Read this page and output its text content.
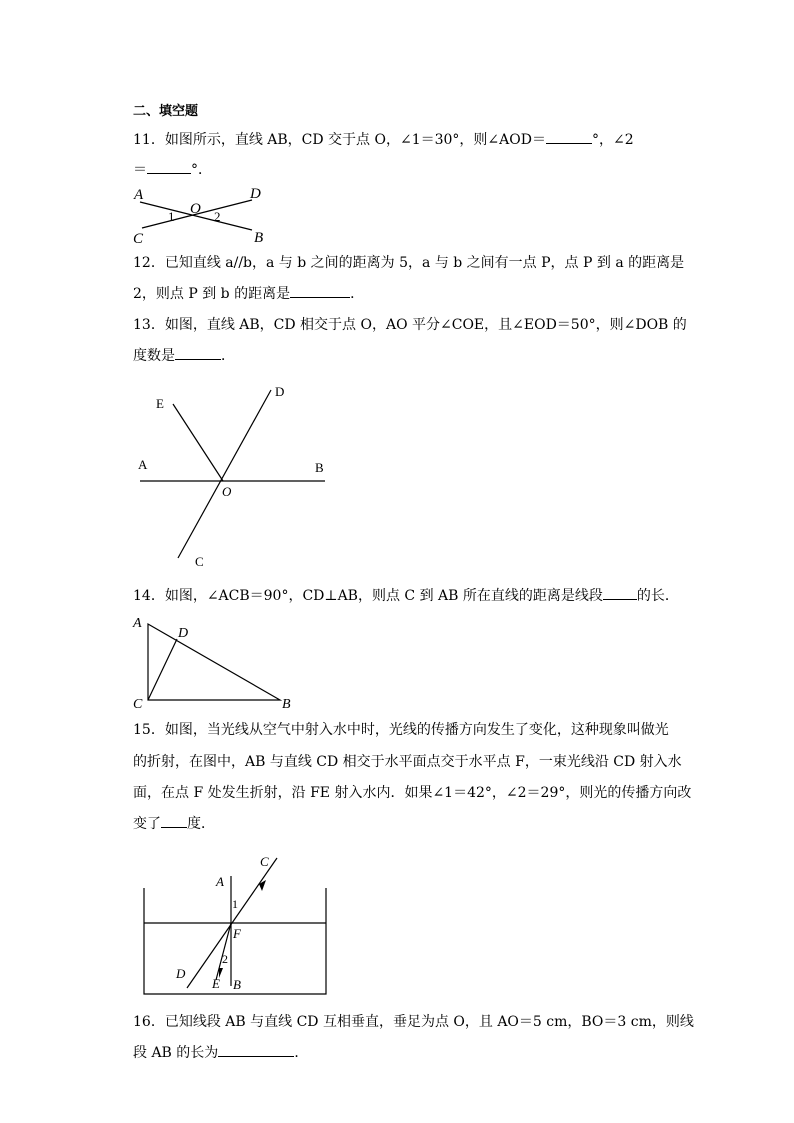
二、填空题
11．如图所示，直线 AB，CD 交于点 O，∠1＝30°，则∠AOD＝	°，∠2
＝	°．
A	D
O
C	B
1	2
12．已知直线 a//b，a 与 b 之间的距离为 5，a 与 b 之间有一点 P，点 P 到 a 的距离是
2，则点 P 到 b 的距离是	．
13．如图，直线 AB，CD 相交于点 O，AO 平分∠COE，且∠EOD＝50°，则∠DOB 的
度数是	．
E
D
A	B
O
C
14．如图，∠ACB＝90°，CD⊥AB，则点 C 到 AB 所在直线的距离是线段 的长．
A
D
C	B
15．如图，当光线从空气中射入水中时，光线的传播方向发生了变化，这种现象叫做光
的折射，在图中，AB 与直线 CD 相交于水平面点交于水平点 F，一束光线沿 CD 射入水
面，在点 F 处发生折射，沿 FE 射入水内．如果∠1＝42°，∠2＝29°，则光的传播方向改
变了 度．
C
A
1
F
2
D
E B
16．已知线段 AB 与直线 CD 互相垂直，垂足为点 O，且 AO＝5 cm，BO＝3 cm，则线
段 AB 的长为	．
